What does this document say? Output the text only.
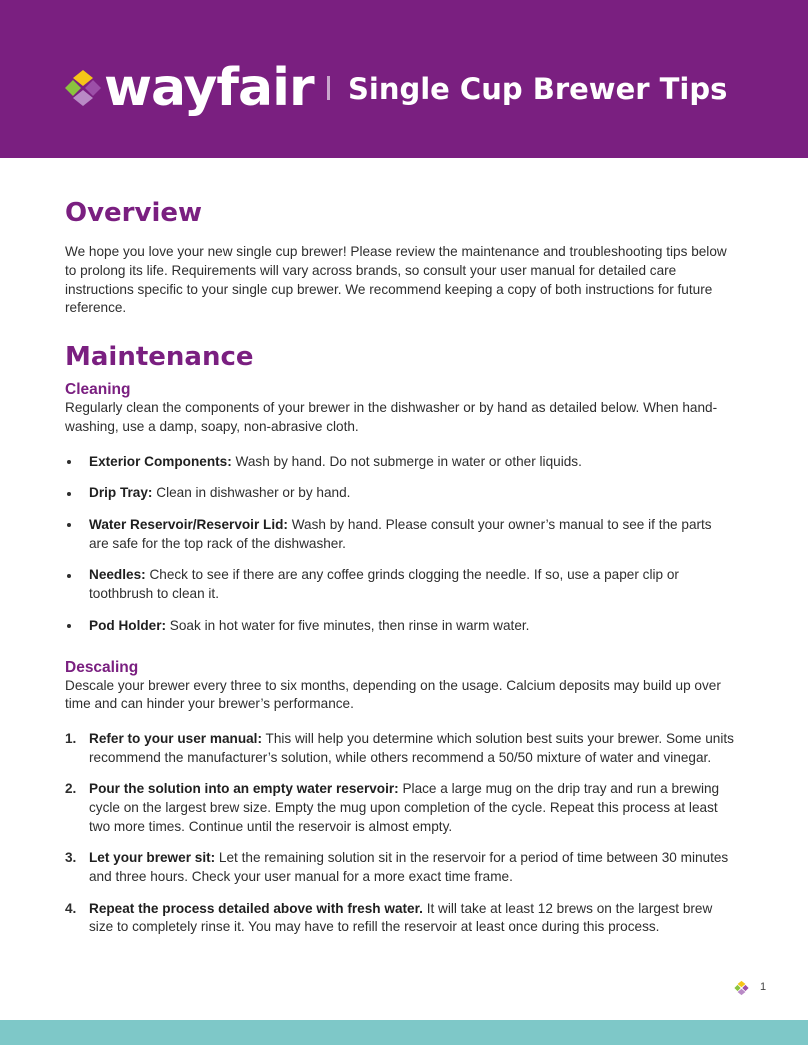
wayfair Single Cup Brewer Tips
Overview

We hope you love your new single cup brewer! Please review the maintenance and troubleshooting tips below to prolong its life. Requirements will vary across brands, so consult your user manual for detailed care instructions specific to your single cup brewer. We recommend keeping a copy of both instructions for future reference.

Maintenance
Cleaning

Regularly clean the components of your brewer in the dishwasher or by hand as detailed below. When hand-washing, use a damp, soapy, non-abrasive cloth.

Exterior Components: Wash by hand. Do not submerge in water or other liquids.
Drip Tray: Clean in dishwasher or by hand.
Water Reservoir/Reservoir Lid: Wash by hand. Please consult your owner’s manual to see if the parts are safe for the top rack of the dishwasher.
Needles: Check to see if there are any coffee grinds clogging the needle. If so, use a paper clip or toothbrush to clean it.
Pod Holder: Soak in hot water for five minutes, then rinse in warm water.
Descaling

Descale your brewer every three to six months, depending on the usage. Calcium deposits may build up over time and can hinder your brewer’s performance.

1. Refer to your user manual: This will help you determine which solution best suits your brewer. Some units recommend the manufacturer’s solution, while others recommend a 50/50 mixture of water and vinegar.
2. Pour the solution into an empty water reservoir: Place a large mug on the drip tray and run a brewing cycle on the largest brew size. Empty the mug upon completion of the cycle. Repeat this process at least two more times. Continue until the reservoir is almost empty.
3. Let your brewer sit: Let the remaining solution sit in the reservoir for a period of time between 30 minutes and three hours. Check your user manual for a more exact time frame.
4. Repeat the process detailed above with fresh water. It will take at least 12 brews on the largest brew size to completely rinse it. You may have to refill the reservoir at least once during this process.
1
